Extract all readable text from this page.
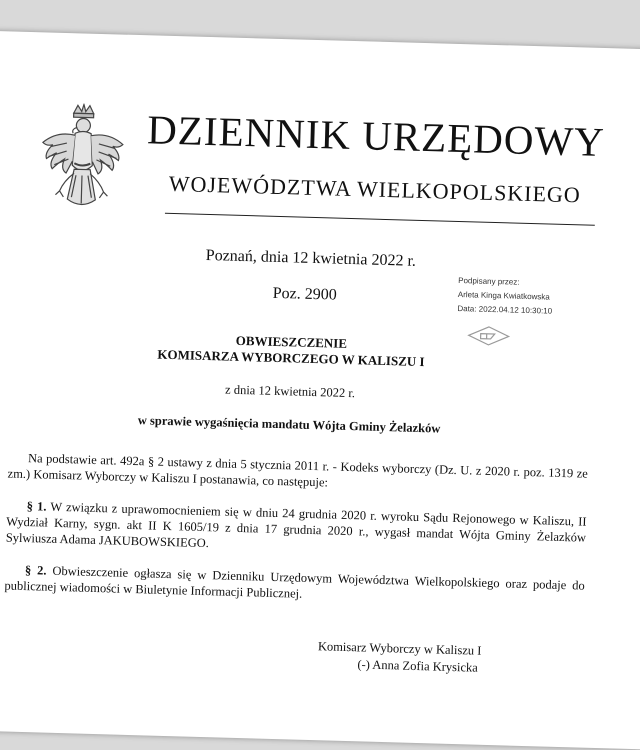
DZIENNIK URZĘDOWY
WOJEWÓDZTWA WIELKOPOLSKIEGO
Poznań, dnia 12 kwietnia 2022 r.
Poz. 2900
Podpisany przez:
Arleta Kinga Kwiatkowska
Data: 2022.04.12 10:30:10
OBWIESZCZENIE
KOMISARZA WYBORCZEGO W KALISZU I
z dnia 12 kwietnia 2022 r.
w sprawie wygaśnięcia mandatu Wójta Gminy Żelazków
Na podstawie art. 492a § 2 ustawy z dnia 5 stycznia 2011 r. - Kodeks wyborczy (Dz. U. z 2020 r. poz. 1319 ze zm.) Komisarz Wyborczy w Kaliszu I postanawia, co następuje:
§ 1. W związku z uprawomocnieniem się w dniu 24 grudnia 2020 r. wyroku Sądu Rejonowego w Kaliszu, II Wydział Karny, sygn. akt II K 1605/19 z dnia 17 grudnia 2020 r., wygasł mandat Wójta Gminy Żelazków Sylwiusza Adama JAKUBOWSKIEGO.
§ 2. Obwieszczenie ogłasza się w Dzienniku Urzędowym Województwa Wielkopolskiego oraz podaje do publicznej wiadomości w Biuletynie Informacji Publicznej.
Komisarz Wyborczy w Kaliszu I
(-) Anna Zofia Krysicka
